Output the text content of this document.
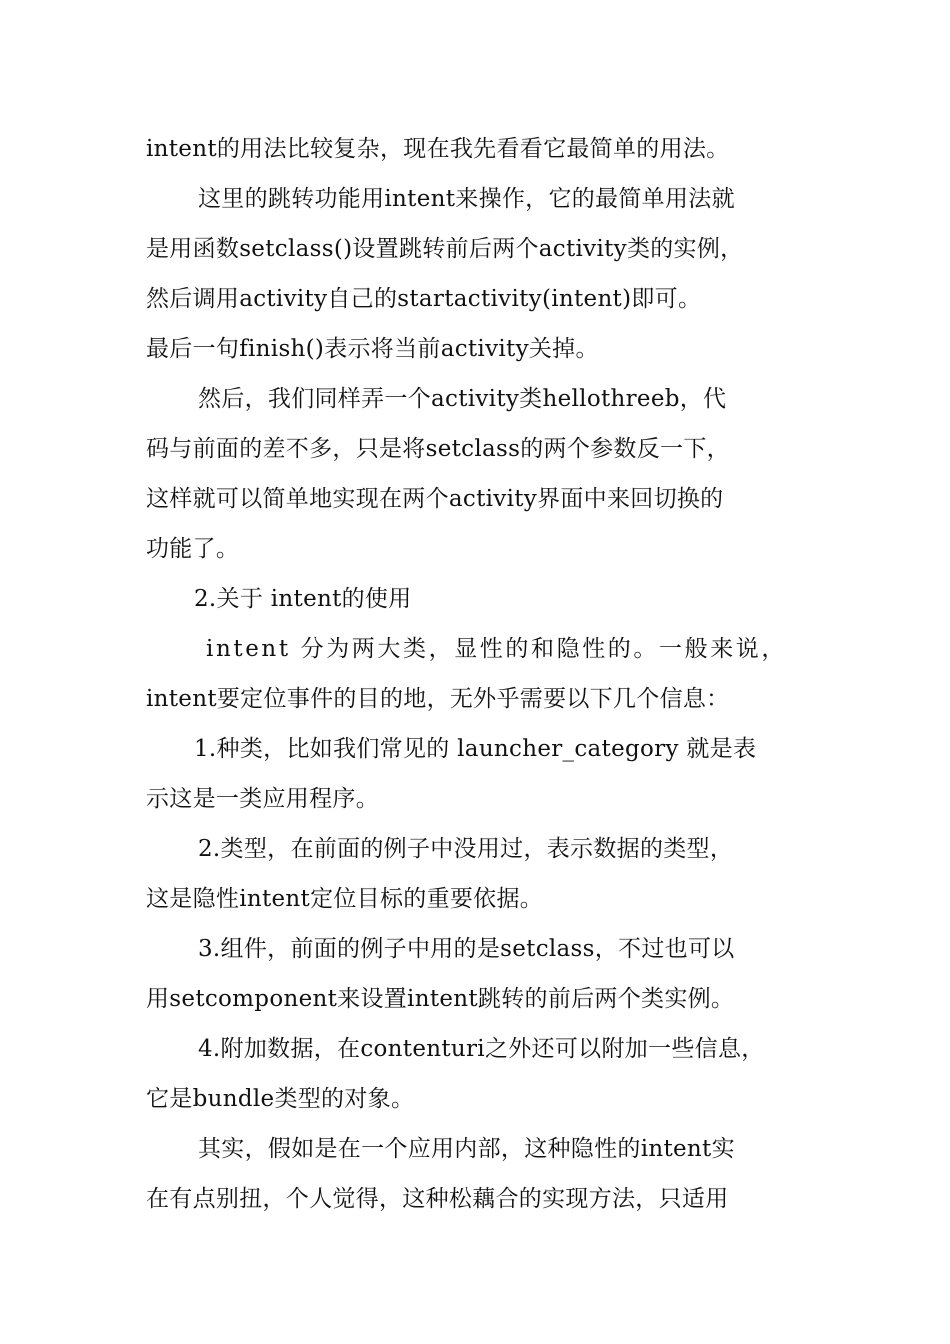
intent的用法比较复杂，现在我先看看它最简单的用法。
这里的跳转功能用intent来操作，它的最简单用法就
是用函数setclass()设置跳转前后两个activity类的实例，
然后调用activity自己的startactivity(intent)即可。
最后一句finish()表示将当前activity关掉。
然后，我们同样弄一个activity类hellothreeb，代
码与前面的差不多，只是将setclass的两个参数反一下，
这样就可以简单地实现在两个activity界面中来回切换的
功能了。
2.关于 intent的使用
intent 分为两大类，显性的和隐性的。一般来说，
intent要定位事件的目的地，无外乎需要以下几个信息：
1.种类，比如我们常见的 launcher_category 就是表
示这是一类应用程序。
2.类型，在前面的例子中没用过，表示数据的类型，
这是隐性intent定位目标的重要依据。
3.组件，前面的例子中用的是setclass，不过也可以
用setcomponent来设置intent跳转的前后两个类实例。
4.附加数据，在contenturi之外还可以附加一些信息，
它是bundle类型的对象。
其实，假如是在一个应用内部，这种隐性的intent实
在有点别扭，个人觉得，这种松藕合的实现方法，只适用
